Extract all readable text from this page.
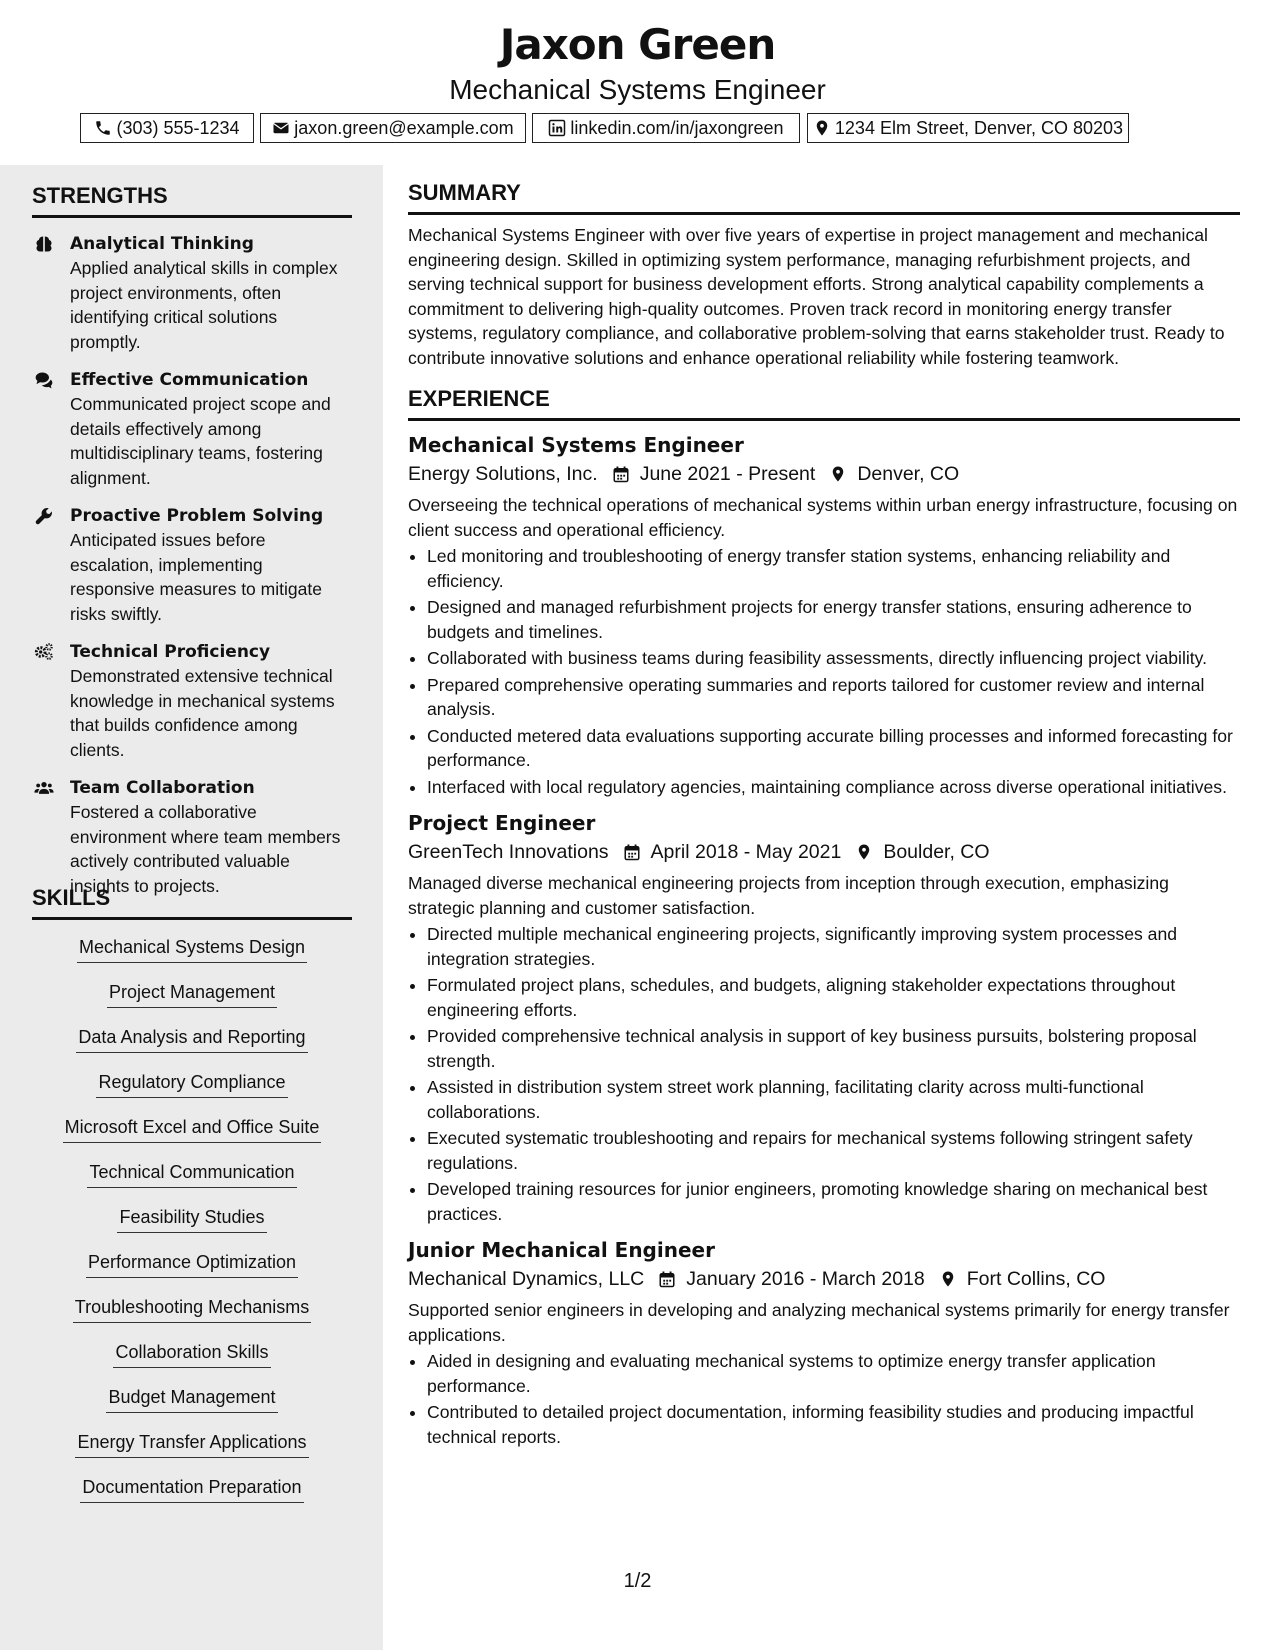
Jaxon Green
Mechanical Systems Engineer
(303) 555-1234	jaxon.green@example.com	linkedin.com/in/jaxongreen	1234 Elm Street, Denver, CO 80203
STRENGTHS
Analytical Thinking
Applied analytical skills in complex project environments, often identifying critical solutions promptly.
Effective Communication
Communicated project scope and details effectively among multidisciplinary teams, fostering alignment.
Proactive Problem Solving
Anticipated issues before escalation, implementing responsive measures to mitigate risks swiftly.
Technical Proficiency
Demonstrated extensive technical knowledge in mechanical systems that builds confidence among clients.
Team Collaboration
Fostered a collaborative environment where team members actively contributed valuable insights to projects.
SKILLS
Mechanical Systems Design
Project Management
Data Analysis and Reporting
Regulatory Compliance
Microsoft Excel and Office Suite
Technical Communication
Feasibility Studies
Performance Optimization
Troubleshooting Mechanisms
Collaboration Skills
Budget Management
Energy Transfer Applications
Documentation Preparation
SUMMARY
Mechanical Systems Engineer with over five years of expertise in project management and mechanical engineering design. Skilled in optimizing system performance, managing refurbishment projects, and serving technical support for business development efforts. Strong analytical capability complements a commitment to delivering high-quality outcomes. Proven track record in monitoring energy transfer systems, regulatory compliance, and collaborative problem-solving that earns stakeholder trust. Ready to contribute innovative solutions and enhance operational reliability while fostering teamwork.
EXPERIENCE
Mechanical Systems Engineer
Energy Solutions, Inc. June 2021 - Present Denver, CO
Overseeing the technical operations of mechanical systems within urban energy infrastructure, focusing on client success and operational efficiency.
• Led monitoring and troubleshooting of energy transfer station systems, enhancing reliability and efficiency.
• Designed and managed refurbishment projects for energy transfer stations, ensuring adherence to budgets and timelines.
• Collaborated with business teams during feasibility assessments, directly influencing project viability.
• Prepared comprehensive operating summaries and reports tailored for customer review and internal analysis.
• Conducted metered data evaluations supporting accurate billing processes and informed forecasting for performance.
• Interfaced with local regulatory agencies, maintaining compliance across diverse operational initiatives.
Project Engineer
GreenTech Innovations April 2018 - May 2021 Boulder, CO
Managed diverse mechanical engineering projects from inception through execution, emphasizing strategic planning and customer satisfaction.
• Directed multiple mechanical engineering projects, significantly improving system processes and integration strategies.
• Formulated project plans, schedules, and budgets, aligning stakeholder expectations throughout engineering efforts.
• Provided comprehensive technical analysis in support of key business pursuits, bolstering proposal strength.
• Assisted in distribution system street work planning, facilitating clarity across multi-functional collaborations.
• Executed systematic troubleshooting and repairs for mechanical systems following stringent safety regulations.
• Developed training resources for junior engineers, promoting knowledge sharing on mechanical best practices.
Junior Mechanical Engineer
Mechanical Dynamics, LLC January 2016 - March 2018 Fort Collins, CO
Supported senior engineers in developing and analyzing mechanical systems primarily for energy transfer applications.
• Aided in designing and evaluating mechanical systems to optimize energy transfer application performance.
• Contributed to detailed project documentation, informing feasibility studies and producing impactful technical reports.
1/2
